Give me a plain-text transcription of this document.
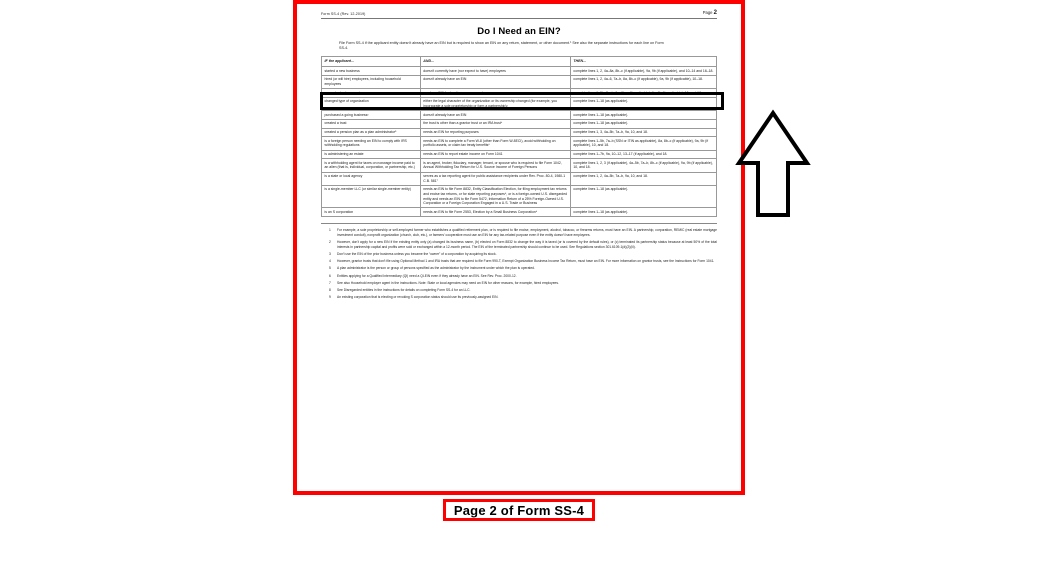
Form SS-4 (Rev. 12-2019)	Page 2
Do I Need an EIN?
File Form SS-4 if the applicant entity doesn't already have an EIN but is required to show an EIN on any return, statement, or other document.¹ See also the separate instructions for each line on Form SS-4.
IF the applicant...	AND...	THEN...
started a new business	doesn't currently have (nor expect to have) employees	complete lines 1, 2, 4a–8a, 8b–c (if applicable), 9a, 9b (if applicable), and 10–14 and 16–18.
hired (or will hire) employees, including household employees	doesn't already have an EIN	complete lines 1, 2, 4a–6, 7a–b, 8a, 8b–c (if applicable), 9a, 9b (if applicable), 10–18.
opened a bank account	needs an EIN for banking purposes only	complete lines 1–5b, 7a–b, 9a, 9b–c (if applicable), 9a, 9b (if applicable), 10, and 18.
changed type of organization	either the legal character of the organization or its ownership changed (for example, you incorporate a sole proprietorship or form a partnership)²	complete lines 1–18 (as applicable).
purchased a going business³	doesn't already have an EIN	complete lines 1–18 (as applicable).
created a trust	the trust is other than a grantor trust or an IRA trust⁴	complete lines 1–18 (as applicable).
created a pension plan as a plan administrator⁵	needs an EIN for reporting purposes	complete lines 1, 3, 4a–5b, 7a–b, 9a, 10, and 18.
is a foreign person needing an EIN to comply with IRS withholding regulations	needs an EIN to complete a Form W-8 (other than Form W-8ECI), avoid withholding on portfolio assets, or claim tax treaty benefits⁶	complete lines 1–5b, 7a–b (SSN or ITIN as applicable), 8a, 8b–c (if applicable), 9a, 9b (if applicable), 10, and 18.
is administering an estate	needs an EIN to report estate income on Form 1041	complete lines 1–7b, 9a, 10–12, 13–17 (if applicable), and 18.
is a withholding agent for taxes on nonwage income paid to an alien (that is, individual, corporation, or partnership, etc.)	is an agent, broker, fiduciary, manager, tenant, or spouse who is required to file Form 1042, Annual Withholding Tax Return for U.S. Source Income of Foreign Persons	complete lines 1, 2, 3 (if applicable), 4a–5b, 7a–b, 8b–c (if applicable), 9a, 9b (if applicable), 10, and 18.
is a state or local agency	serves as a tax reporting agent for public assistance recipients under Rev. Proc. 80-4, 1980-1 C.B. 581⁷	complete lines 1, 2, 4a–5b, 7a–b, 9a, 10, and 18.
is a single-member LLC (or similar single-member entity)	needs an EIN to file Form 8832, Entity Classification Election, for filing employment tax returns and excise tax returns, or for state reporting purposes⁸, or is a foreign-owned U.S. disregarded entity and needs an EIN to file Form 5472, Information Return of a 25% Foreign-Owned U.S. Corporation or a Foreign Corporation Engaged in a U.S. Trade or Business	complete lines 1–18 (as applicable).
is an S corporation	needs an EIN to file Form 2553, Election by a Small Business Corporation⁹	complete lines 1–18 (as applicable).
1 For example, a sole proprietorship or self-employed farmer who establishes a qualified retirement plan, or is required to file excise, employment, alcohol, tobacco, or firearms returns, must have an EIN. A partnership, corporation, REMIC (real estate mortgage investment conduit), nonprofit organization (church, club, etc.), or farmers' cooperative must use an EIN for any tax-related purpose even if the entity doesn't have employees.
2 However, don't apply for a new EIN if the existing entity only (a) changed its business name, (b) elected on Form 8832 to change the way it is taxed (or is covered by the default rules), or (c) terminated its partnership status because at least 50% of the total interests in partnership capital and profits were sold or exchanged within a 12-month period. The EIN of the terminated partnership should continue to be used. See Regulations section 301.6109-1(d)(2)(iii).
3 Don't use the EIN of the prior business unless you became the “owner” of a corporation by acquiring its stock.
4 However, grantor trusts that don't file using Optional Method 1 and IRA trusts that are required to file Form 990-T, Exempt Organization Business Income Tax Return, must have an EIN. For more information on grantor trusts, see the Instructions for Form 1041.
5 A plan administrator is the person or group of persons specified as the administrator by the instrument under which the plan is operated.
6 Entities applying for a Qualified Intermediary (QI) need a QI-EIN even if they already have an EIN. See Rev. Proc. 2000-12.
7 See also Household employer agent in the instructions. Note: State or local agencies may need an EIN for other reasons, for example, hired employees.
8 See Disregarded entities in the instructions for details on completing Form SS-4 for an LLC.
9 An existing corporation that is electing or revoking S corporation status should use its previously-assigned EIN.
Page 2 of Form SS-4
